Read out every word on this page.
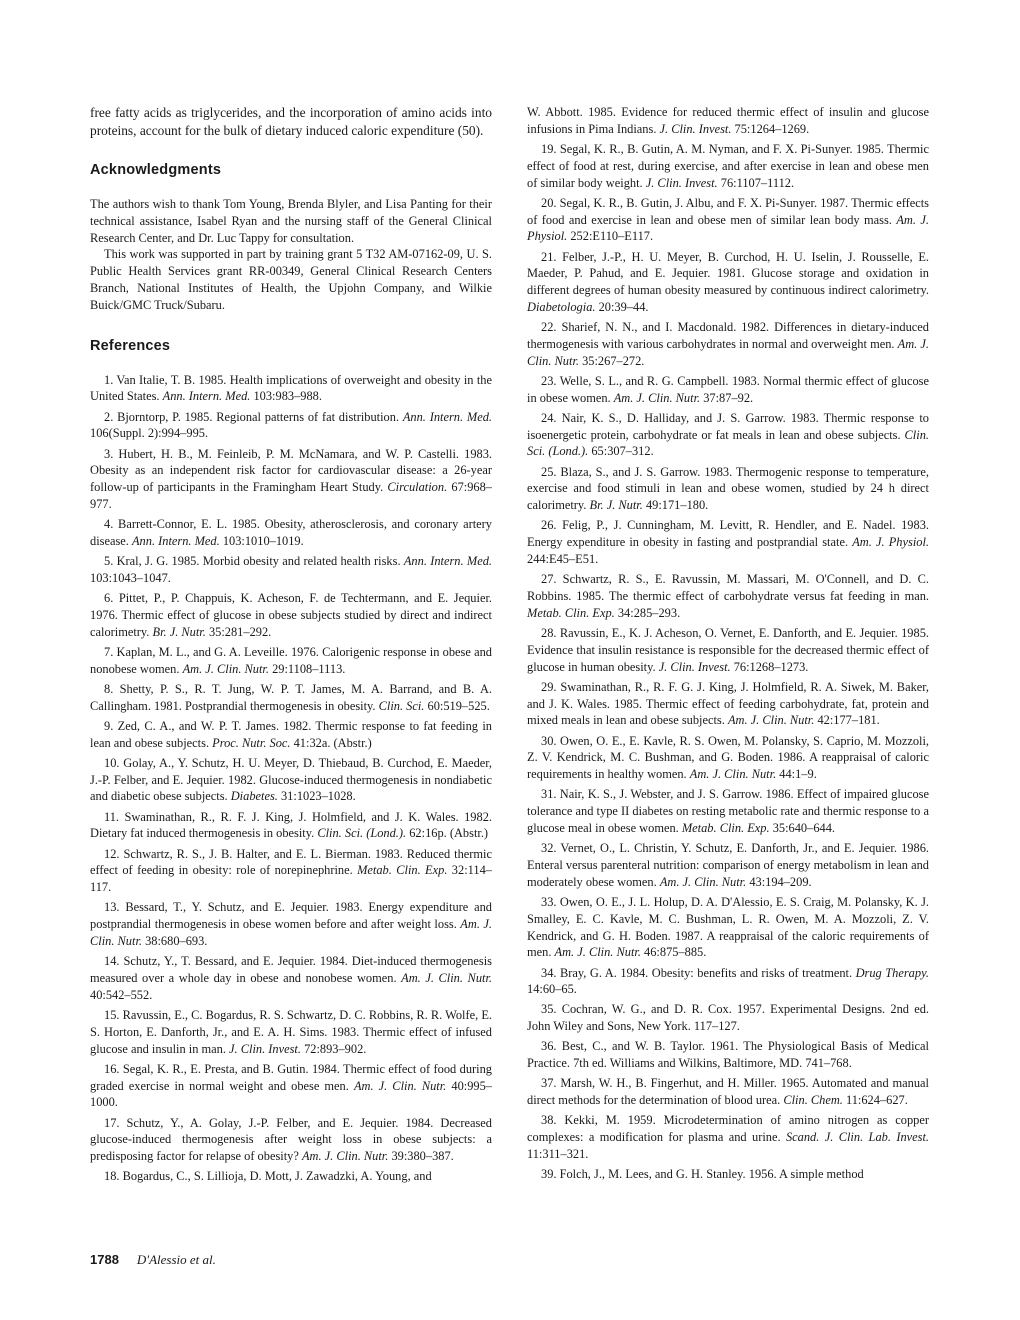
free fatty acids as triglycerides, and the incorporation of amino acids into proteins, account for the bulk of dietary induced caloric expenditure (50).

Acknowledgments

The authors wish to thank Tom Young, Brenda Blyler, and Lisa Panting for their technical assistance, Isabel Ryan and the nursing staff of the General Clinical Research Center, and Dr. Luc Tappy for consultation.

This work was supported in part by training grant 5 T32 AM-07162-09, U. S. Public Health Services grant RR-00349, General Clinical Research Centers Branch, National Institutes of Health, the Upjohn Company, and Wilkie Buick/GMC Truck/Subaru.

References

1. Van Italie, T. B. 1985. Health implications of overweight and obesity in the United States. Ann. Intern. Med. 103:983–988.

2. Bjorntorp, P. 1985. Regional patterns of fat distribution. Ann. Intern. Med. 106(Suppl. 2):994–995.

3. Hubert, H. B., M. Feinleib, P. M. McNamara, and W. P. Castelli. 1983. Obesity as an independent risk factor for cardiovascular disease: a 26-year follow-up of participants in the Framingham Heart Study. Circulation. 67:968–977.

4. Barrett-Connor, E. L. 1985. Obesity, atherosclerosis, and coronary artery disease. Ann. Intern. Med. 103:1010–1019.

5. Kral, J. G. 1985. Morbid obesity and related health risks. Ann. Intern. Med. 103:1043–1047.

6. Pittet, P., P. Chappuis, K. Acheson, F. de Techtermann, and E. Jequier. 1976. Thermic effect of glucose in obese subjects studied by direct and indirect calorimetry. Br. J. Nutr. 35:281–292.

7. Kaplan, M. L., and G. A. Leveille. 1976. Calorigenic response in obese and nonobese women. Am. J. Clin. Nutr. 29:1108–1113.

8. Shetty, P. S., R. T. Jung, W. P. T. James, M. A. Barrand, and B. A. Callingham. 1981. Postprandial thermogenesis in obesity. Clin. Sci. 60:519–525.

9. Zed, C. A., and W. P. T. James. 1982. Thermic response to fat feeding in lean and obese subjects. Proc. Nutr. Soc. 41:32a. (Abstr.)

10. Golay, A., Y. Schutz, H. U. Meyer, D. Thiebaud, B. Curchod, E. Maeder, J.-P. Felber, and E. Jequier. 1982. Glucose-induced thermogenesis in nondiabetic and diabetic obese subjects. Diabetes. 31:1023–1028.

11. Swaminathan, R., R. F. J. King, J. Holmfield, and J. K. Wales. 1982. Dietary fat induced thermogenesis in obesity. Clin. Sci. (Lond.). 62:16p. (Abstr.)

12. Schwartz, R. S., J. B. Halter, and E. L. Bierman. 1983. Reduced thermic effect of feeding in obesity: role of norepinephrine. Metab. Clin. Exp. 32:114–117.

13. Bessard, T., Y. Schutz, and E. Jequier. 1983. Energy expenditure and postprandial thermogenesis in obese women before and after weight loss. Am. J. Clin. Nutr. 38:680–693.

14. Schutz, Y., T. Bessard, and E. Jequier. 1984. Diet-induced thermogenesis measured over a whole day in obese and nonobese women. Am. J. Clin. Nutr. 40:542–552.

15. Ravussin, E., C. Bogardus, R. S. Schwartz, D. C. Robbins, R. R. Wolfe, E. S. Horton, E. Danforth, Jr., and E. A. H. Sims. 1983. Thermic effect of infused glucose and insulin in man. J. Clin. Invest. 72:893–902.

16. Segal, K. R., E. Presta, and B. Gutin. 1984. Thermic effect of food during graded exercise in normal weight and obese men. Am. J. Clin. Nutr. 40:995–1000.

17. Schutz, Y., A. Golay, J.-P. Felber, and E. Jequier. 1984. Decreased glucose-induced thermogenesis after weight loss in obese subjects: a predisposing factor for relapse of obesity? Am. J. Clin. Nutr. 39:380–387.

18. Bogardus, C., S. Lillioja, D. Mott, J. Zawadzki, A. Young, and

W. Abbott. 1985. Evidence for reduced thermic effect of insulin and glucose infusions in Pima Indians. J. Clin. Invest. 75:1264–1269.

19. Segal, K. R., B. Gutin, A. M. Nyman, and F. X. Pi-Sunyer. 1985. Thermic effect of food at rest, during exercise, and after exercise in lean and obese men of similar body weight. J. Clin. Invest. 76:1107–1112.

20. Segal, K. R., B. Gutin, J. Albu, and F. X. Pi-Sunyer. 1987. Thermic effects of food and exercise in lean and obese men of similar lean body mass. Am. J. Physiol. 252:E110–E117.

21. Felber, J.-P., H. U. Meyer, B. Curchod, H. U. Iselin, J. Rousselle, E. Maeder, P. Pahud, and E. Jequier. 1981. Glucose storage and oxidation in different degrees of human obesity measured by continuous indirect calorimetry. Diabetologia. 20:39–44.

22. Sharief, N. N., and I. Macdonald. 1982. Differences in dietary-induced thermogenesis with various carbohydrates in normal and overweight men. Am. J. Clin. Nutr. 35:267–272.

23. Welle, S. L., and R. G. Campbell. 1983. Normal thermic effect of glucose in obese women. Am. J. Clin. Nutr. 37:87–92.

24. Nair, K. S., D. Halliday, and J. S. Garrow. 1983. Thermic response to isoenergetic protein, carbohydrate or fat meals in lean and obese subjects. Clin. Sci. (Lond.). 65:307–312.

25. Blaza, S., and J. S. Garrow. 1983. Thermogenic response to temperature, exercise and food stimuli in lean and obese women, studied by 24 h direct calorimetry. Br. J. Nutr. 49:171–180.

26. Felig, P., J. Cunningham, M. Levitt, R. Hendler, and E. Nadel. 1983. Energy expenditure in obesity in fasting and postprandial state. Am. J. Physiol. 244:E45–E51.

27. Schwartz, R. S., E. Ravussin, M. Massari, M. O'Connell, and D. C. Robbins. 1985. The thermic effect of carbohydrate versus fat feeding in man. Metab. Clin. Exp. 34:285–293.

28. Ravussin, E., K. J. Acheson, O. Vernet, E. Danforth, and E. Jequier. 1985. Evidence that insulin resistance is responsible for the decreased thermic effect of glucose in human obesity. J. Clin. Invest. 76:1268–1273.

29. Swaminathan, R., R. F. G. J. King, J. Holmfield, R. A. Siwek, M. Baker, and J. K. Wales. 1985. Thermic effect of feeding carbohydrate, fat, protein and mixed meals in lean and obese subjects. Am. J. Clin. Nutr. 42:177–181.

30. Owen, O. E., E. Kavle, R. S. Owen, M. Polansky, S. Caprio, M. Mozzoli, Z. V. Kendrick, M. C. Bushman, and G. Boden. 1986. A reappraisal of caloric requirements in healthy women. Am. J. Clin. Nutr. 44:1–9.

31. Nair, K. S., J. Webster, and J. S. Garrow. 1986. Effect of impaired glucose tolerance and type II diabetes on resting metabolic rate and thermic response to a glucose meal in obese women. Metab. Clin. Exp. 35:640–644.

32. Vernet, O., L. Christin, Y. Schutz, E. Danforth, Jr., and E. Jequier. 1986. Enteral versus parenteral nutrition: comparison of energy metabolism in lean and moderately obese women. Am. J. Clin. Nutr. 43:194–209.

33. Owen, O. E., J. L. Holup, D. A. D'Alessio, E. S. Craig, M. Polansky, K. J. Smalley, E. C. Kavle, M. C. Bushman, L. R. Owen, M. A. Mozzoli, Z. V. Kendrick, and G. H. Boden. 1987. A reappraisal of the caloric requirements of men. Am. J. Clin. Nutr. 46:875–885.

34. Bray, G. A. 1984. Obesity: benefits and risks of treatment. Drug Therapy. 14:60–65.

35. Cochran, W. G., and D. R. Cox. 1957. Experimental Designs. 2nd ed. John Wiley and Sons, New York. 117–127.

36. Best, C., and W. B. Taylor. 1961. The Physiological Basis of Medical Practice. 7th ed. Williams and Wilkins, Baltimore, MD. 741–768.

37. Marsh, W. H., B. Fingerhut, and H. Miller. 1965. Automated and manual direct methods for the determination of blood urea. Clin. Chem. 11:624–627.

38. Kekki, M. 1959. Microdetermination of amino nitrogen as copper complexes: a modification for plasma and urine. Scand. J. Clin. Lab. Invest. 11:311–321.

39. Folch, J., M. Lees, and G. H. Stanley. 1956. A simple method

1788 D'Alessio et al.
